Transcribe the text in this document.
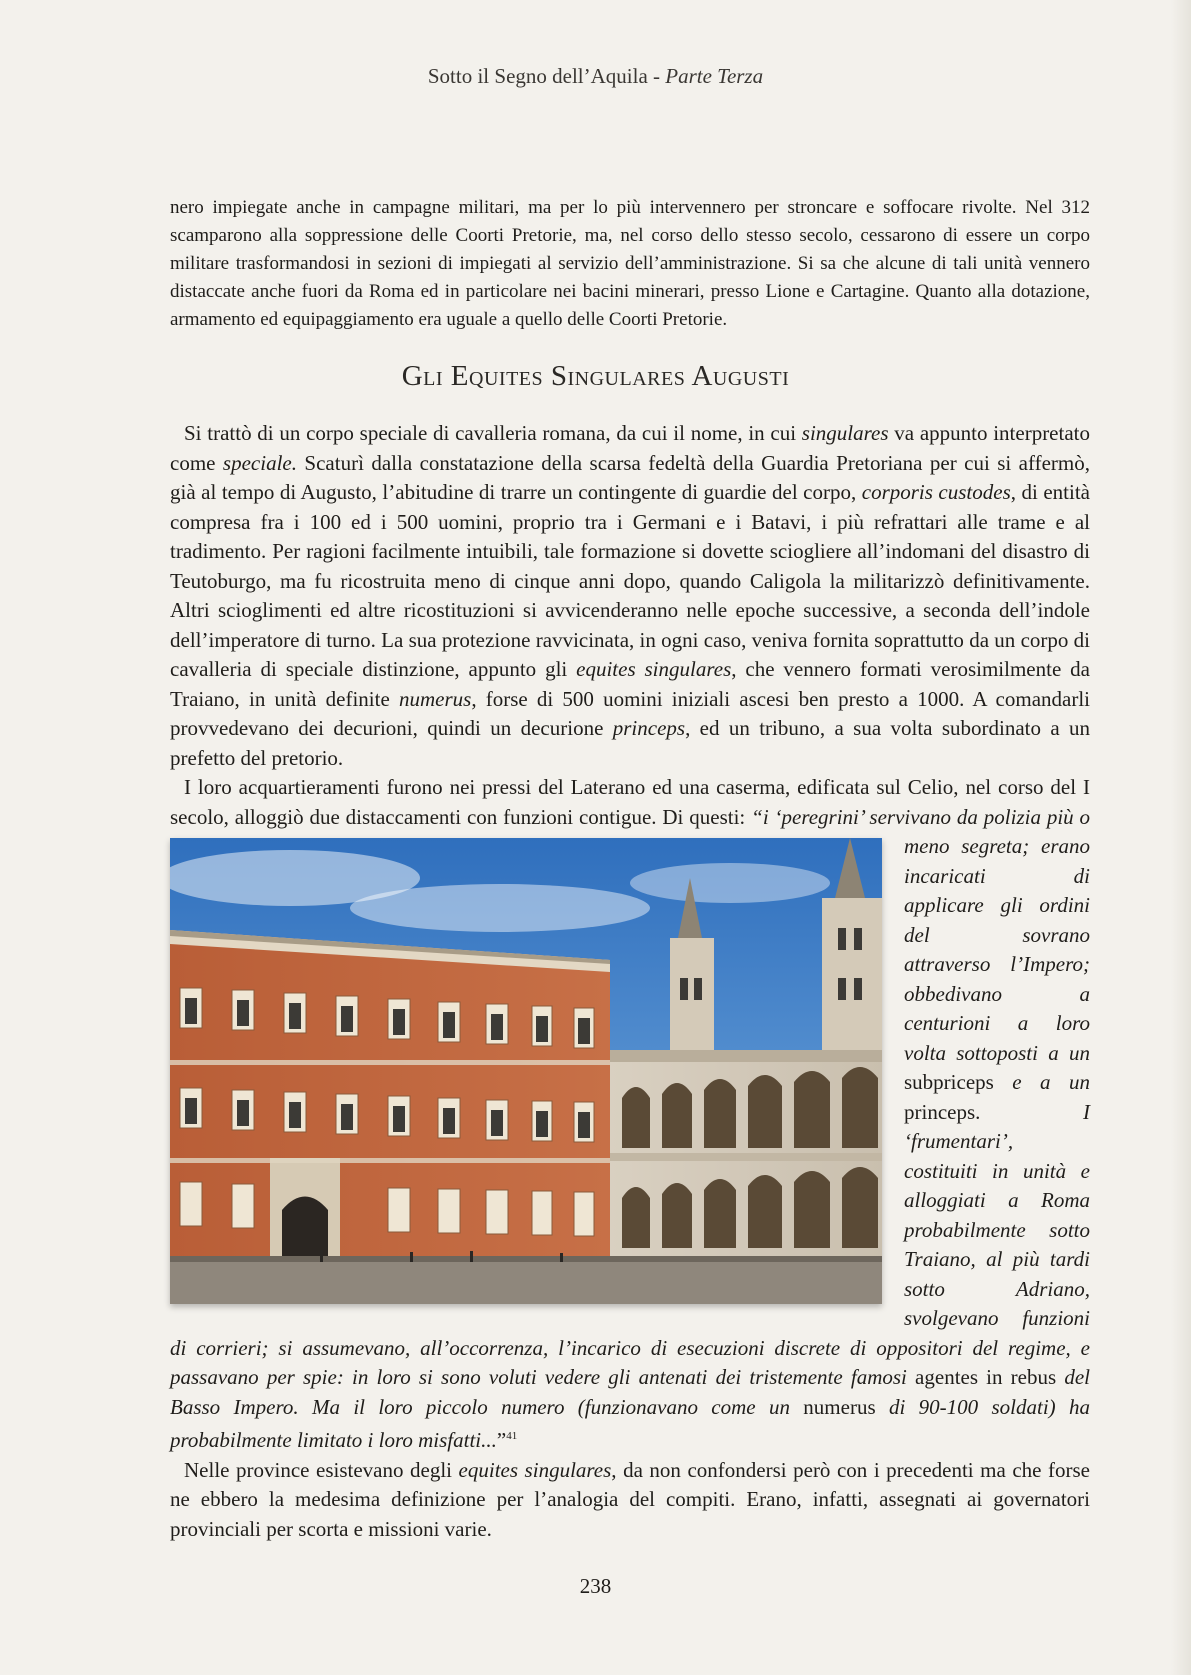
Sotto il Segno dell’Aquila - Parte Terza
nero impiegate anche in campagne militari, ma per lo più intervennero per stroncare e soffocare rivolte. Nel 312 scamparono alla soppressione delle Coorti Pretorie, ma, nel corso dello stesso secolo, cessarono di essere un corpo militare trasformandosi in sezioni di impiegati al servizio dell’amministrazione. Si sa che alcune di tali unità vennero distaccate anche fuori da Roma ed in particolare nei bacini minerari, presso Lione e Cartagine. Quanto alla dotazione, armamento ed equipaggiamento era uguale a quello delle Coorti Pretorie.
Gli Equites Singulares Augusti

Si trattò di un corpo speciale di cavalleria romana, da cui il nome, in cui singulares va appunto interpretato come speciale. Scaturì dalla constatazione della scarsa fedeltà della Guardia Pretoriana per cui si affermò, già al tempo di Augusto, l’abitudine di trarre un contingente di guardie del corpo, corporis custodes, di entità compresa fra i 100 ed i 500 uomini, proprio tra i Germani e i Batavi, i più refrattari alle trame e al tradimento. Per ragioni facilmente intuibili, tale formazione si dovette sciogliere all’indomani del disastro di Teutoburgo, ma fu ricostruita meno di cinque anni dopo, quando Caligola la militarizzò definitivamente. Altri scioglimenti ed altre ricostituzioni si avvicenderanno nelle epoche successive, a seconda dell’indole dell’imperatore di turno. La sua protezione ravvicinata, in ogni caso, veniva fornita soprattutto da un corpo di cavalleria di speciale distinzione, appunto gli equites singulares, che vennero formati verosimilmente da Traiano, in unità definite numerus, forse di 500 uomini iniziali ascesi ben presto a 1000. A comandarli provvedevano dei decurioni, quindi un decurione princeps, ed un tribuno, a sua volta subordinato a un prefetto del pretorio.

I loro acquartieramenti furono nei pressi del Laterano ed una caserma, edificata sul Celio, nel corso del I secolo, alloggiò due distaccamenti con funzioni contigue. Di questi: “i ‘peregrini’ servivano da polizia più o meno segreta; erano incaricati di applicare gli ordini del sovrano attraverso l’Impero; obbedivano a centurioni a loro volta sottoposti a un subpriceps e a un princeps. I ‘frumentari’, costituiti in unità e alloggiati a Roma probabilmente sotto Traiano, al più tardi sotto Adriano, svolgevano funzioni di corrieri; si assumevano, all’occorrenza, l’incarico di esecuzioni discrete di oppositori del regime, e passavano per spie: in loro si sono voluti vedere gli antenati dei tristemente famosi agentes in rebus del Basso Impero. Ma il loro piccolo numero (funzionavano come un numerus di 90-100 soldati) ha probabilmente limitato i loro misfatti...”$^{41}$

Nelle province esistevano degli equites singulares, da non confondersi però con i precedenti ma che forse ne ebbero la medesima definizione per l’analogia del compiti. Erano, infatti, assegnati ai governatori provinciali per scorta e missioni varie.

238
